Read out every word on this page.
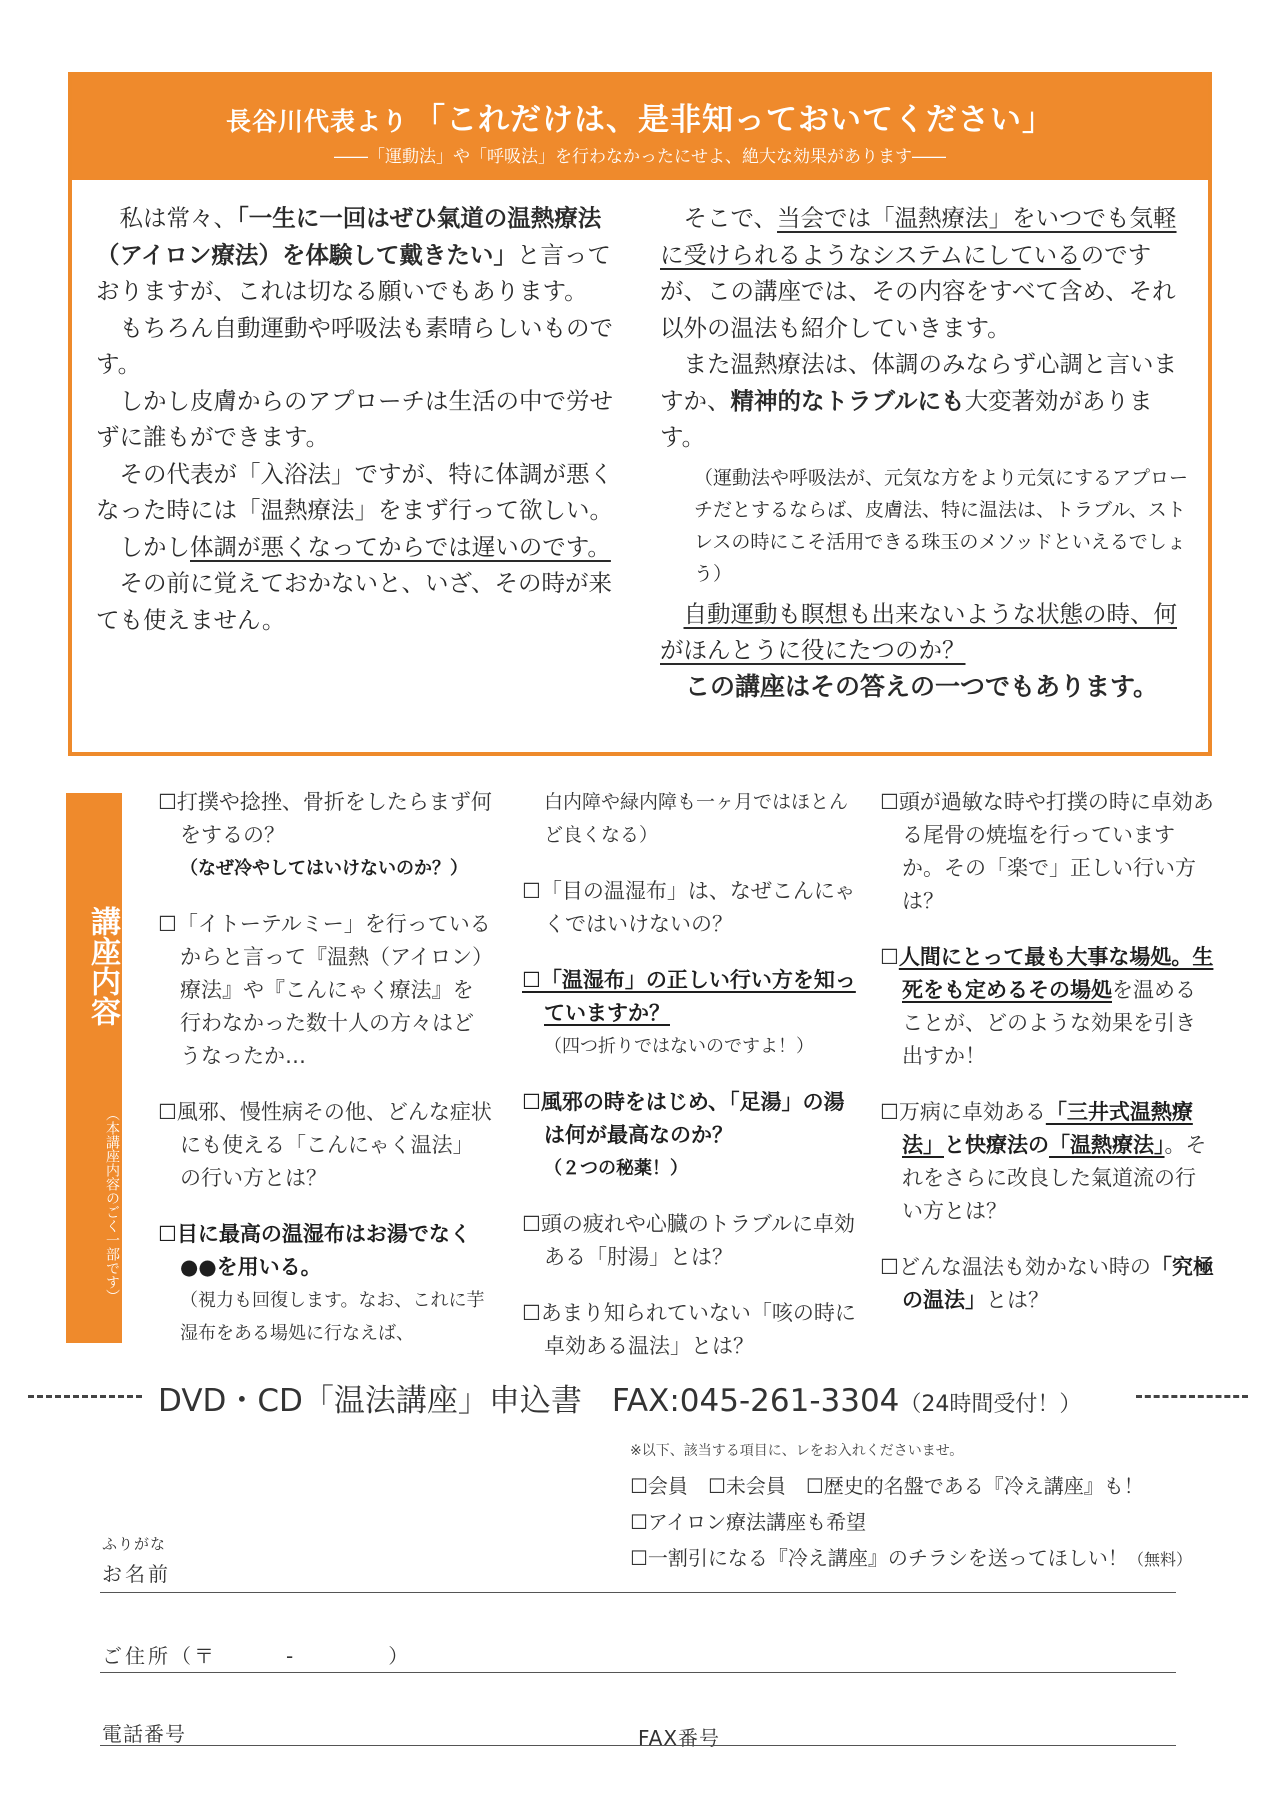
長谷川代表より 「これだけは、是非知っておいてください」
――「運動法」や「呼吸法」を行わなかったにせよ、絶大な効果があります――

私は常々、「一生に一回はぜひ氣道の温熱療法（アイロン療法）を体験して戴きたい」と言っておりますが、これは切なる願いでもあります。

もちろん自動運動や呼吸法も素晴らしいものです。

しかし皮膚からのアプローチは生活の中で労せずに誰もができます。

その代表が「入浴法」ですが、特に体調が悪くなった時には「温熱療法」をまず行って欲しい。

しかし体調が悪くなってからでは遅いのです。

その前に覚えておかないと、いざ、その時が来ても使えません。

そこで、当会では「温熱療法」をいつでも気軽に受けられるようなシステムにしているのですが、この講座では、その内容をすべて含め、それ以外の温法も紹介していきます。

また温熱療法は、体調のみならず心調と言いますか、精神的なトラブルにも大変著効があります。

（運動法や呼吸法が、元気な方をより元気にするアプローチだとするならば、皮膚法、特に温法は、トラブル、ストレスの時にこそ活用できる珠玉のメソッドといえるでしょう）

自動運動も瞑想も出来ないような状態の時、何がほんとうに役にたつのか？

この講座はその答えの一つでもあります。

講座内容
（本講座内容のごく一部です）
☐打撲や捻挫、骨折をしたらまず何をするの？
（なぜ冷やしてはいけないのか？）
☐「イトーテルミー」を行っているからと言って『温熱（アイロン）療法』や『こんにゃく療法』を行わなかった数十人の方々はどうなったか…
☐風邪、慢性病その他、どんな症状にも使える「こんにゃく温法」の行い方とは？
☐目に最高の温湿布はお湯でなく●●を用いる。
（視力も回復します。なお、これに芋湿布をある場処に行なえば、
白内障や緑内障も一ヶ月ではほとんど良くなる）
☐「目の温湿布」は、なぜこんにゃくではいけないの？
☐「温湿布」の正しい行い方を知っていますか？
（四つ折りではないのですよ！）
☐風邪の時をはじめ、「足湯」の湯は何が最高なのか？
（２つの秘薬！）
☐頭の疲れや心臓のトラブルに卓効ある「肘湯」とは？
☐あまり知られていない「咳の時に卓効ある温法」とは？
☐頭が過敏な時や打撲の時に卓効ある尾骨の焼塩を行っていますか。その「楽で」正しい行い方は？
☐人間にとって最も大事な場処。生死をも定めるその場処を温めることが、どのような効果を引き出すか！
☐万病に卓効ある「三井式温熱療法」と快療法の「温熱療法」。それをさらに改良した氣道流の行い方とは？
☐どんな温法も効かない時の「究極の温法」とは？
DVD・CD「温法講座」申込書 FAX:045-261-3304（24時間受付！）
※以下、該当する項目に、レをお入れくださいませ。
☐会員 ☐未会員 ☐歴史的名盤である『冷え講座』も！
☐アイロン療法講座も希望
☐一割引になる『冷え講座』のチラシを送ってほしい！（無料）
ふりがな
お名前
ご住所（〒　　　-　　　　）
電話番号	FAX番号
